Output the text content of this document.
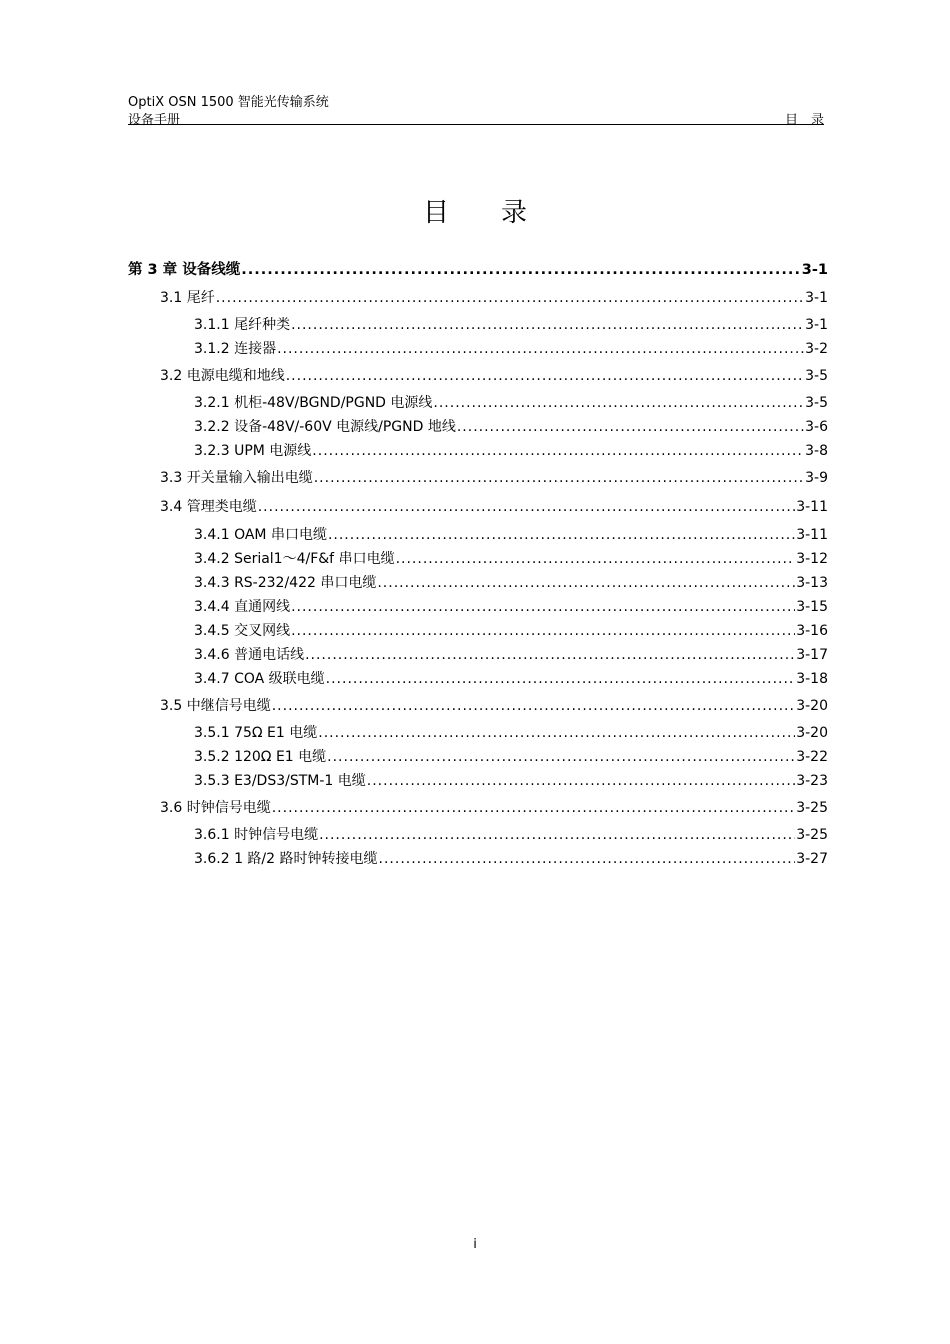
OptiX OSN 1500 智能光传输系统
设备手册	目　录
目　　录
第 3 章 设备线缆 .....	3-1
3.1 尾纤 .....	3-1
3.1.1 尾纤种类 .....	3-1
3.1.2 连接器 .....	3-2
3.2 电源电缆和地线 .....	3-5
3.2.1 机柜-48V/BGND/PGND 电源线 .....	3-5
3.2.2 设备-48V/-60V 电源线/PGND 地线 .....	3-6
3.2.3 UPM 电源线 .....	3-8
3.3 开关量输入输出电缆 .....	3-9
3.4 管理类电缆 .....	3-11
3.4.1 OAM 串口电缆 .....	3-11
3.4.2 Serial1～4/F&f 串口电缆 .....	3-12
3.4.3 RS-232/422 串口电缆 .....	3-13
3.4.4 直通网线 .....	3-15
3.4.5 交叉网线 .....	3-16
3.4.6 普通电话线 .....	3-17
3.4.7 COA 级联电缆 .....	3-18
3.5 中继信号电缆 .....	3-20
3.5.1 75Ω E1 电缆 .....	3-20
3.5.2 120Ω E1 电缆 .....	3-22
3.5.3 E3/DS3/STM-1 电缆 .....	3-23
3.6 时钟信号电缆 .....	3-25
3.6.1 时钟信号电缆 .....	3-25
3.6.2 1 路/2 路时钟转接电缆 .....	3-27
i
